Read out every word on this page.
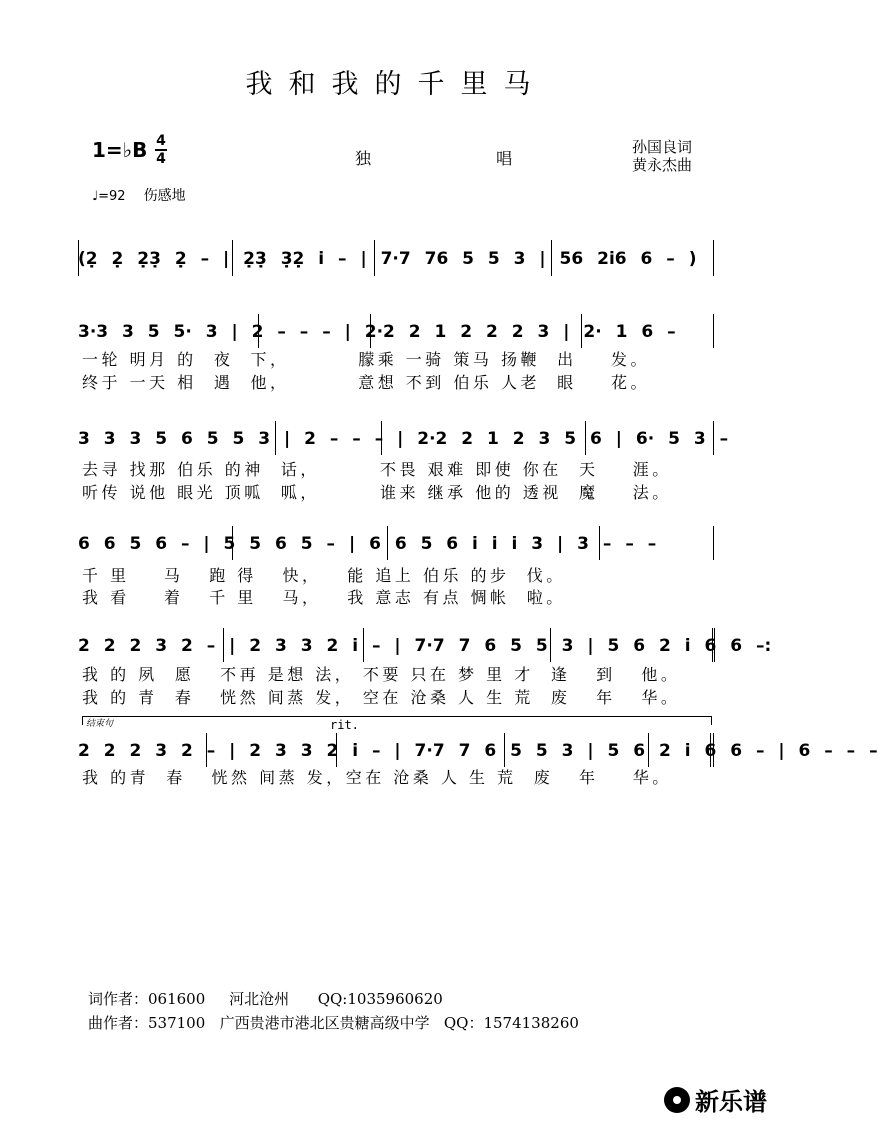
我和我的千里马
1=♭B 4
4	独 唱
孙国良词
黄永杰曲
♩=92 伤感地
(2̣ 2̣ 2̣3̣ 2̣ – | 2̣3̣ 3̣2̣ i̇ – | 7·7 76 5 5 3 | 56 2i6 6 – )
3·3 3 5 5· 3 | 2 – – – | 2·2 2 1 2 2 2 3 | 2· 1 6 –
一轮 明月 的  夜  下，        朦乘 一骑 策马 扬鞭  出    发。
终于 一天 相  遇  他，        意想 不到 伯乐 人老  眼    花。
3 3 3 5 6 5 5 3 | 2 – – – | 2·2 2 1 2 3 5 6 | 6· 5 3 –
去寻 找那 伯乐 的神  话，       不畏 艰难 即使 你在  天    涯。
听传 说他 眼光 顶呱  呱，       谁来 继承 他的 透视  魔    法。
6 6 5 6 – | 5 5 6 5 – | 6 6 5 6 i i i 3 | 3 – – –
千 里    马   跑 得   快，   能 追上 伯乐 的步  伐。
我 看    着   千 里   马，   我 意志 有点 惆帐  啦。
2 2 2 3 2 – | 2 3 3 2 i – | 7·7 7 6 5 5 3 | 5 6 2 i 6 6 –:
我 的 夙  愿   不再 是想 法， 不要 只在 梦 里 才  逢   到   他。
我 的 青  春   恍然 间蒸 发， 空在 沧桑 人 生 荒  废   年   华。
结束句	rit.
2 2 2 3 2 – | 2 3 3 2 i – | 7·7 7 6 5 5 3 | 5 6 2 i 6 6 – | 6 – – –
我 的青  春   恍然 间蒸 发，空在 沧桑 人 生 荒  废   年    华。
词作者：061600     河北沧州      QQ:1035960620
曲作者：537100   广西贵港市港北区贵糖高级中学   QQ：1574138260
新乐谱
